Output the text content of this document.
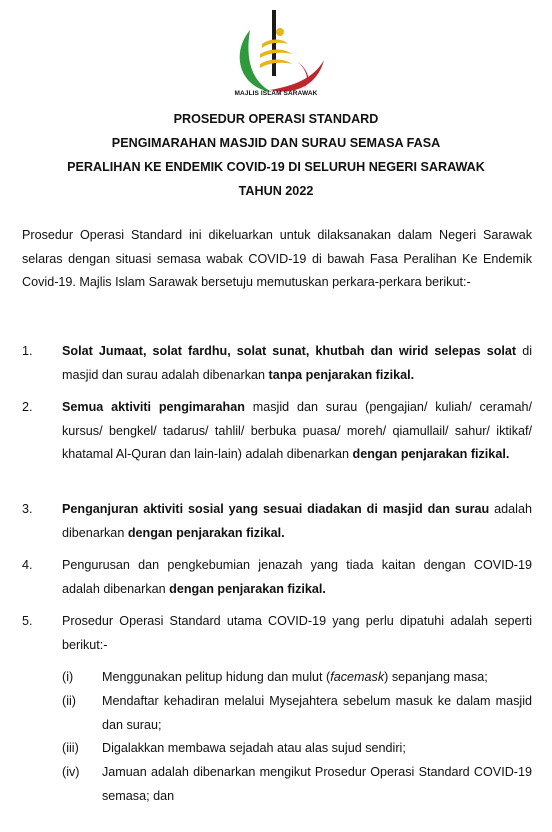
MAJLIS ISLAM SARAWAK
PROSEDUR OPERASI STANDARD
PENGIMARAHAN MASJID DAN SURAU SEMASA FASA
PERALIHAN KE ENDEMIK COVID-19 DI SELURUH NEGERI SARAWAK
TAHUN 2022
Prosedur Operasi Standard ini dikeluarkan untuk dilaksanakan dalam Negeri Sarawak selaras dengan situasi semasa wabak COVID-19 di bawah Fasa Peralihan Ke Endemik Covid-19. Majlis Islam Sarawak bersetuju memutuskan perkara-perkara berikut:-
1. Solat Jumaat, solat fardhu, solat sunat, khutbah dan wirid selepas solat di masjid dan surau adalah dibenarkan tanpa penjarakan fizikal.
2. Semua aktiviti pengimarahan masjid dan surau (pengajian/ kuliah/ ceramah/ kursus/ bengkel/ tadarus/ tahlil/ berbuka puasa/ moreh/ qiamullail/ sahur/ iktikaf/ khatamal Al-Quran dan lain-lain) adalah dibenarkan dengan penjarakan fizikal.
3. Penganjuran aktiviti sosial yang sesuai diadakan di masjid dan surau adalah dibenarkan dengan penjarakan fizikal.
4. Pengurusan dan pengkebumian jenazah yang tiada kaitan dengan COVID-19 adalah dibenarkan dengan penjarakan fizikal.
5. Prosedur Operasi Standard utama COVID-19 yang perlu dipatuhi adalah seperti berikut:-
(i) Menggunakan pelitup hidung dan mulut (facemask) sepanjang masa;
(ii) Mendaftar kehadiran melalui Mysejahtera sebelum masuk ke dalam masjid dan surau;
(iii) Digalakkan membawa sejadah atau alas sujud sendiri;
(iv) Jamuan adalah dibenarkan mengikut Prosedur Operasi Standard COVID-19 semasa; dan
